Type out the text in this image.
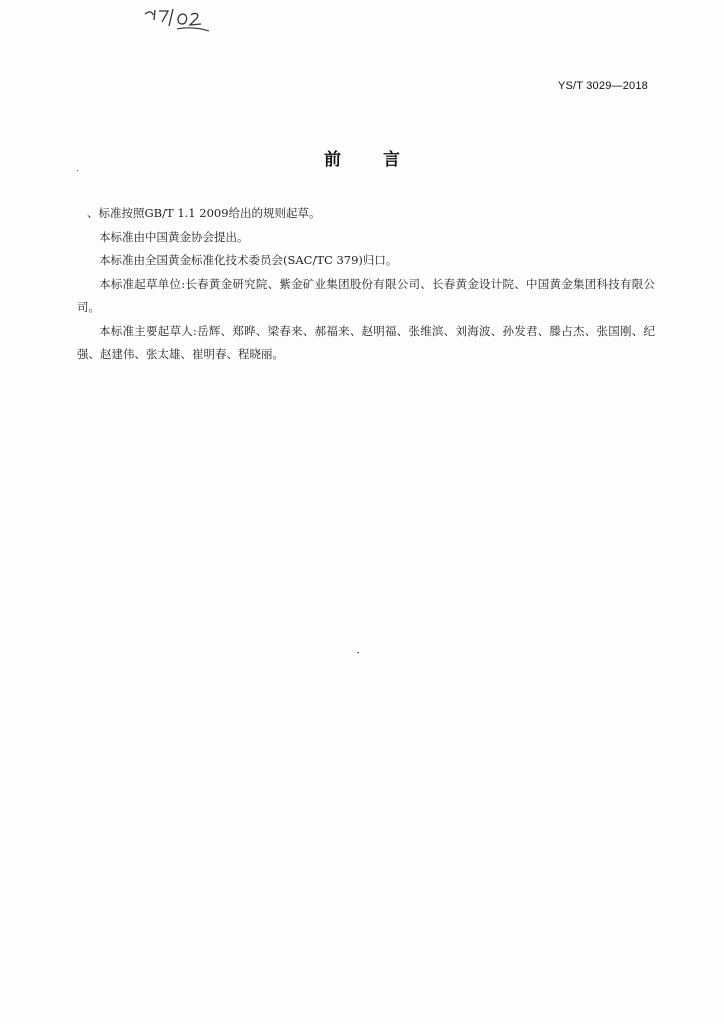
YS/T 3029—2018
前言

、标准按照GB/T 1.1 2009给出的规则起草。

本标准由中国黄金协会提出。

本标准由全国黄金标准化技术委员会(SAC/TC 379)归口。

本标准起草单位:长春黄金研究院、紫金矿业集团股份有限公司、长春黄金设计院、中国黄金集团科技有限公司。

本标准主要起草人:岳辉、郑晔、梁春来、郝福来、赵明福、张维滨、刘海波、孙发君、滕占杰、张国刚、纪强、赵建伟、张太雄、崔明春、程晓丽。
